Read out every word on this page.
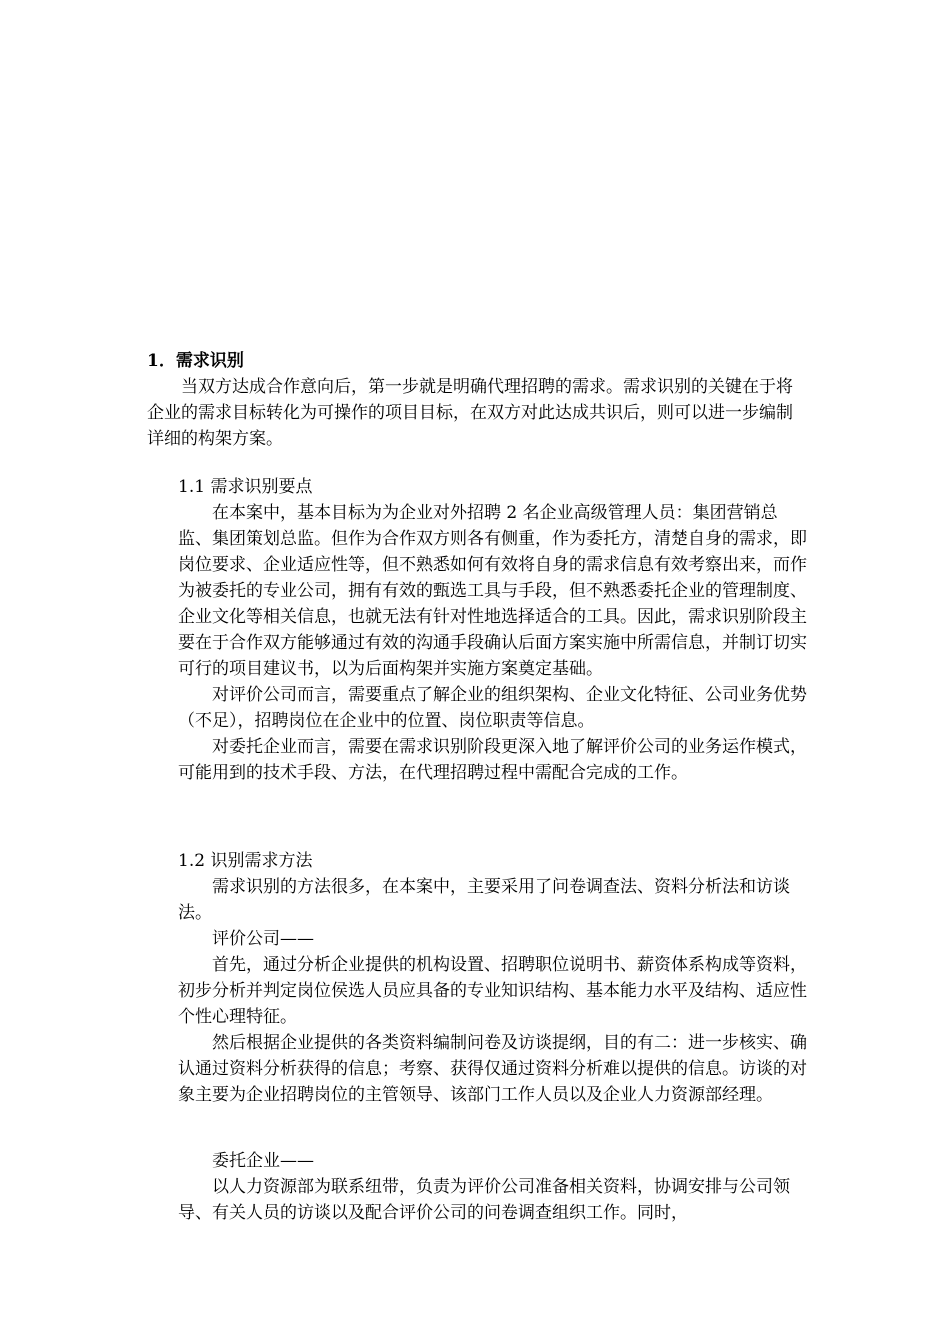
1．需求识别

当双方达成合作意向后，第一步就是明确代理招聘的需求。需求识别的关键在于将企业的需求目标转化为可操作的项目目标，在双方对此达成共识后，则可以进一步编制详细的构架方案。

1.1 需求识别要点

在本案中，基本目标为为企业对外招聘 2 名企业高级管理人员：集团营销总监、集团策划总监。但作为合作双方则各有侧重，作为委托方，清楚自身的需求，即岗位要求、企业适应性等，但不熟悉如何有效将自身的需求信息有效考察出来，而作为被委托的专业公司，拥有有效的甄选工具与手段，但不熟悉委托企业的管理制度、企业文化等相关信息，也就无法有针对性地选择适合的工具。因此，需求识别阶段主要在于合作双方能够通过有效的沟通手段确认后面方案实施中所需信息，并制订切实可行的项目建议书，以为后面构架并实施方案奠定基础。

对评价公司而言，需要重点了解企业的组织架构、企业文化特征、公司业务优势（不足），招聘岗位在企业中的位置、岗位职责等信息。

对委托企业而言，需要在需求识别阶段更深入地了解评价公司的业务运作模式，可能用到的技术手段、方法，在代理招聘过程中需配合完成的工作。

1.2 识别需求方法

需求识别的方法很多，在本案中，主要采用了问卷调查法、资料分析法和访谈法。

评价公司——

首先，通过分析企业提供的机构设置、招聘职位说明书、薪资体系构成等资料，初步分析并判定岗位侯选人员应具备的专业知识结构、基本能力水平及结构、适应性个性心理特征。

然后根据企业提供的各类资料编制问卷及访谈提纲，目的有二：进一步核实、确认通过资料分析获得的信息；考察、获得仅通过资料分析难以提供的信息。访谈的对象主要为企业招聘岗位的主管领导、该部门工作人员以及企业人力资源部经理。

委托企业——

以人力资源部为联系纽带，负责为评价公司准备相关资料，协调安排与公司领导、有关人员的访谈以及配合评价公司的问卷调查组织工作。同时，
